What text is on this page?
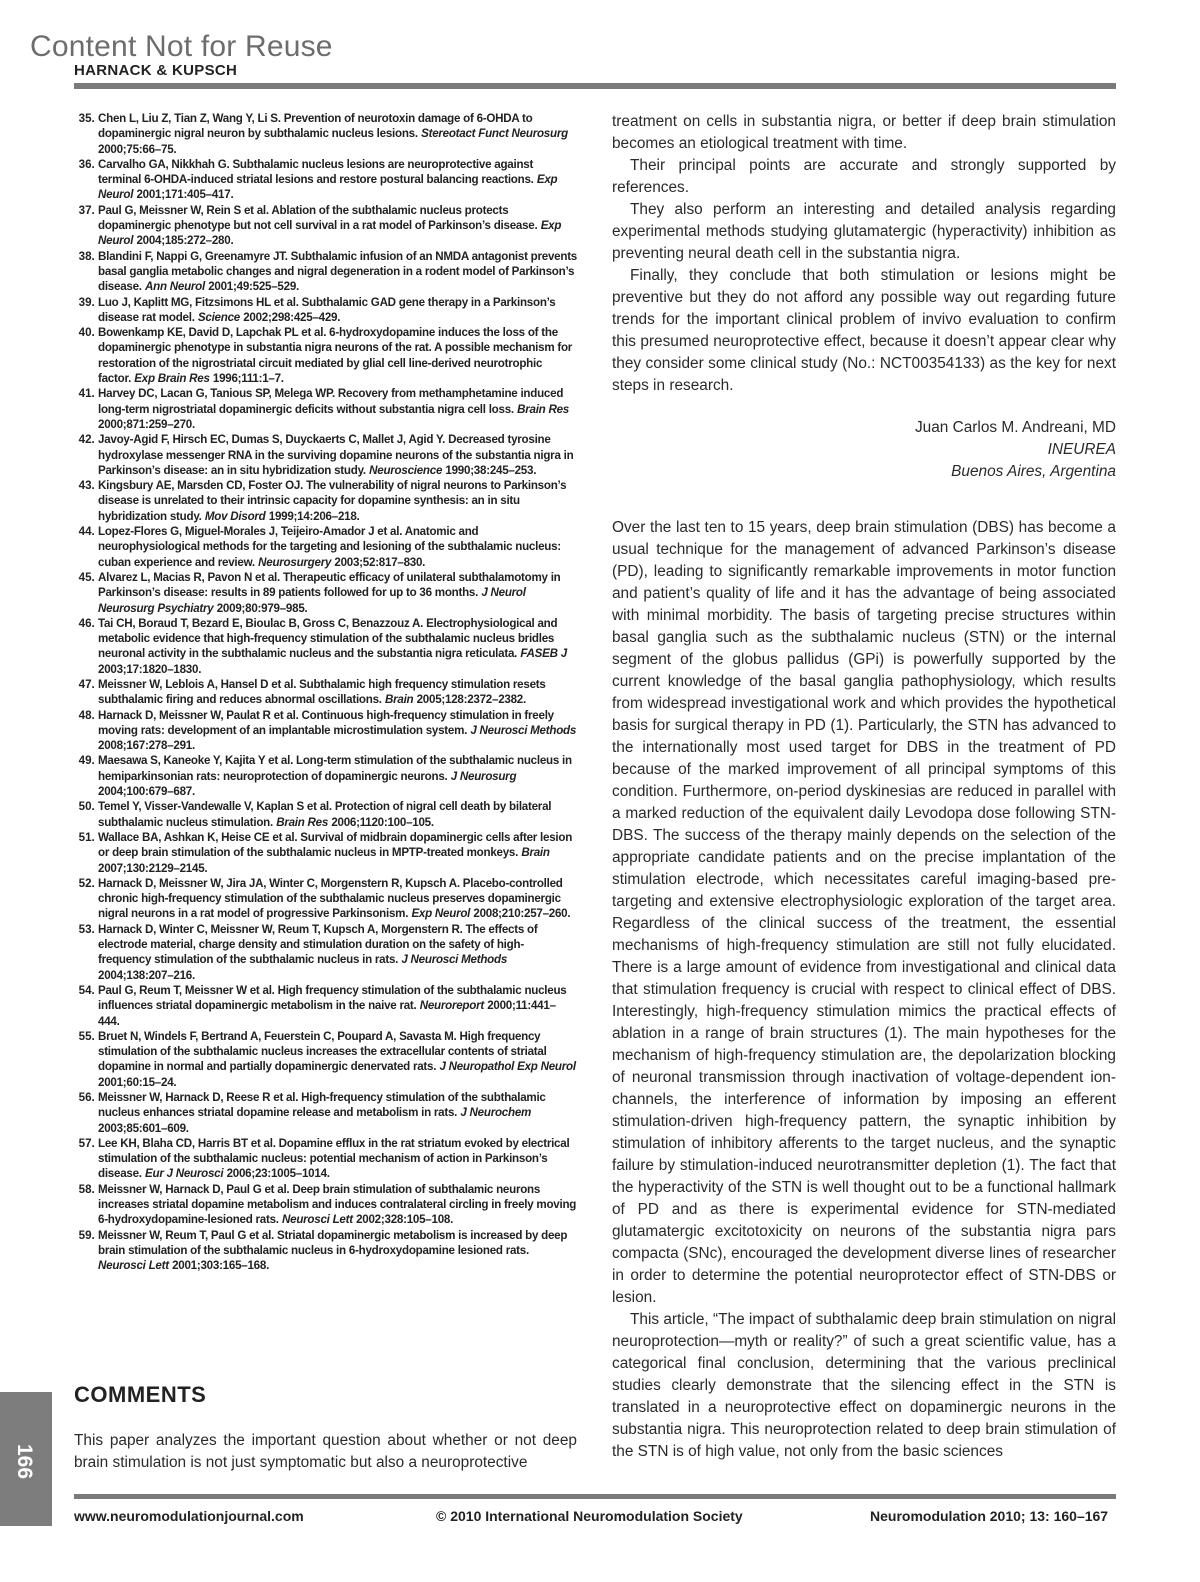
Content Not for Reuse
HARNACK & KUPSCH
35. Chen L, Liu Z, Tian Z, Wang Y, Li S. Prevention of neurotoxin damage of 6-OHDA to dopaminergic nigral neuron by subthalamic nucleus lesions. Stereotact Funct Neurosurg 2000;75:66–75.
36. Carvalho GA, Nikkhah G. Subthalamic nucleus lesions are neuroprotective against terminal 6-OHDA-induced striatal lesions and restore postural balancing reactions. Exp Neurol 2001;171:405–417.
37. Paul G, Meissner W, Rein S et al. Ablation of the subthalamic nucleus protects dopaminergic phenotype but not cell survival in a rat model of Parkinson’s disease. Exp Neurol 2004;185:272–280.
38. Blandini F, Nappi G, Greenamyre JT. Subthalamic infusion of an NMDA antagonist prevents basal ganglia metabolic changes and nigral degeneration in a rodent model of Parkinson’s disease. Ann Neurol 2001;49:525–529.
39. Luo J, Kaplitt MG, Fitzsimons HL et al. Subthalamic GAD gene therapy in a Parkinson’s disease rat model. Science 2002;298:425–429.
40. Bowenkamp KE, David D, Lapchak PL et al. 6-hydroxydopamine induces the loss of the dopaminergic phenotype in substantia nigra neurons of the rat. A possible mechanism for restoration of the nigrostriatal circuit mediated by glial cell line-derived neurotrophic factor. Exp Brain Res 1996;111:1–7.
41. Harvey DC, Lacan G, Tanious SP, Melega WP. Recovery from methamphetamine induced long-term nigrostriatal dopaminergic deficits without substantia nigra cell loss. Brain Res 2000;871:259–270.
42. Javoy-Agid F, Hirsch EC, Dumas S, Duyckaerts C, Mallet J, Agid Y. Decreased tyrosine hydroxylase messenger RNA in the surviving dopamine neurons of the substantia nigra in Parkinson’s disease: an in situ hybridization study. Neuroscience 1990;38:245–253.
43. Kingsbury AE, Marsden CD, Foster OJ. The vulnerability of nigral neurons to Parkinson’s disease is unrelated to their intrinsic capacity for dopamine synthesis: an in situ hybridization study. Mov Disord 1999;14:206–218.
44. Lopez-Flores G, Miguel-Morales J, Teijeiro-Amador J et al. Anatomic and neurophysiological methods for the targeting and lesioning of the subthalamic nucleus: cuban experience and review. Neurosurgery 2003;52:817–830.
45. Alvarez L, Macias R, Pavon N et al. Therapeutic efficacy of unilateral subthalamotomy in Parkinson’s disease: results in 89 patients followed for up to 36 months. J Neurol Neurosurg Psychiatry 2009;80:979–985.
46. Tai CH, Boraud T, Bezard E, Bioulac B, Gross C, Benazzouz A. Electrophysiological and metabolic evidence that high-frequency stimulation of the subthalamic nucleus bridles neuronal activity in the subthalamic nucleus and the substantia nigra reticulata. FASEB J 2003;17:1820–1830.
47. Meissner W, Leblois A, Hansel D et al. Subthalamic high frequency stimulation resets subthalamic firing and reduces abnormal oscillations. Brain 2005;128:2372–2382.
48. Harnack D, Meissner W, Paulat R et al. Continuous high-frequency stimulation in freely moving rats: development of an implantable microstimulation system. J Neurosci Methods 2008;167:278–291.
49. Maesawa S, Kaneoke Y, Kajita Y et al. Long-term stimulation of the subthalamic nucleus in hemiparkinsonian rats: neuroprotection of dopaminergic neurons. J Neurosurg 2004;100:679–687.
50. Temel Y, Visser-Vandewalle V, Kaplan S et al. Protection of nigral cell death by bilateral subthalamic nucleus stimulation. Brain Res 2006;1120:100–105.
51. Wallace BA, Ashkan K, Heise CE et al. Survival of midbrain dopaminergic cells after lesion or deep brain stimulation of the subthalamic nucleus in MPTP-treated monkeys. Brain 2007;130:2129–2145.
52. Harnack D, Meissner W, Jira JA, Winter C, Morgenstern R, Kupsch A. Placebo-controlled chronic high-frequency stimulation of the subthalamic nucleus preserves dopaminergic nigral neurons in a rat model of progressive Parkinsonism. Exp Neurol 2008;210:257–260.
53. Harnack D, Winter C, Meissner W, Reum T, Kupsch A, Morgenstern R. The effects of electrode material, charge density and stimulation duration on the safety of high-frequency stimulation of the subthalamic nucleus in rats. J Neurosci Methods 2004;138:207–216.
54. Paul G, Reum T, Meissner W et al. High frequency stimulation of the subthalamic nucleus influences striatal dopaminergic metabolism in the naive rat. Neuroreport 2000;11:441–444.
55. Bruet N, Windels F, Bertrand A, Feuerstein C, Poupard A, Savasta M. High frequency stimulation of the subthalamic nucleus increases the extracellular contents of striatal dopamine in normal and partially dopaminergic denervated rats. J Neuropathol Exp Neurol 2001;60:15–24.
56. Meissner W, Harnack D, Reese R et al. High-frequency stimulation of the subthalamic nucleus enhances striatal dopamine release and metabolism in rats. J Neurochem 2003;85:601–609.
57. Lee KH, Blaha CD, Harris BT et al. Dopamine efflux in the rat striatum evoked by electrical stimulation of the subthalamic nucleus: potential mechanism of action in Parkinson’s disease. Eur J Neurosci 2006;23:1005–1014.
58. Meissner W, Harnack D, Paul G et al. Deep brain stimulation of subthalamic neurons increases striatal dopamine metabolism and induces contralateral circling in freely moving 6-hydroxydopamine-lesioned rats. Neurosci Lett 2002;328:105–108.
59. Meissner W, Reum T, Paul G et al. Striatal dopaminergic metabolism is increased by deep brain stimulation of the subthalamic nucleus in 6-hydroxydopamine lesioned rats. Neurosci Lett 2001;303:165–168.
COMMENTS

This paper analyzes the important question about whether or not deep brain stimulation is not just symptomatic but also a neuroprotective

treatment on cells in substantia nigra, or better if deep brain stimulation becomes an etiological treatment with time.

Their principal points are accurate and strongly supported by references.

They also perform an interesting and detailed analysis regarding experimental methods studying glutamatergic (hyperactivity) inhibition as preventing neural death cell in the substantia nigra.

Finally, they conclude that both stimulation or lesions might be preventive but they do not afford any possible way out regarding future trends for the important clinical problem of invivo evaluation to confirm this presumed neuroprotective effect, because it doesn’t appear clear why they consider some clinical study (No.: NCT00354133) as the key for next steps in research.

Juan Carlos M. Andreani, MD
INEUREA
Buenos Aires, Argentina

Over the last ten to 15 years, deep brain stimulation (DBS) has become a usual technique for the management of advanced Parkinson’s disease (PD), leading to significantly remarkable improvements in motor function and patient’s quality of life and it has the advantage of being associated with minimal morbidity. The basis of targeting precise structures within basal ganglia such as the subthalamic nucleus (STN) or the internal segment of the globus pallidus (GPi) is powerfully supported by the current knowledge of the basal ganglia pathophysiology, which results from widespread investigational work and which provides the hypothetical basis for surgical therapy in PD (1). Particularly, the STN has advanced to the internationally most used target for DBS in the treatment of PD because of the marked improvement of all principal symptoms of this condition. Furthermore, on-period dyskinesias are reduced in parallel with a marked reduction of the equivalent daily Levodopa dose following STN-DBS. The success of the therapy mainly depends on the selection of the appropriate candidate patients and on the precise implantation of the stimulation electrode, which necessitates careful imaging-based pre-targeting and extensive electrophysiologic exploration of the target area. Regardless of the clinical success of the treatment, the essential mechanisms of high-frequency stimulation are still not fully elucidated. There is a large amount of evidence from investigational and clinical data that stimulation frequency is crucial with respect to clinical effect of DBS. Interestingly, high-frequency stimulation mimics the practical effects of ablation in a range of brain structures (1). The main hypotheses for the mechanism of high-frequency stimulation are, the depolarization blocking of neuronal transmission through inactivation of voltage-dependent ion-channels, the interference of information by imposing an efferent stimulation-driven high-frequency pattern, the synaptic inhibition by stimulation of inhibitory afferents to the target nucleus, and the synaptic failure by stimulation-induced neurotransmitter depletion (1). The fact that the hyperactivity of the STN is well thought out to be a functional hallmark of PD and as there is experimental evidence for STN-mediated glutamatergic excitotoxicity on neurons of the substantia nigra pars compacta (SNc), encouraged the development diverse lines of researcher in order to determine the potential neuroprotector effect of STN-DBS or lesion.

This article, “The impact of subthalamic deep brain stimulation on nigral neuroprotection—myth or reality?” of such a great scientific value, has a categorical final conclusion, determining that the various preclinical studies clearly demonstrate that the silencing effect in the STN is translated in a neuroprotective effect on dopaminergic neurons in the substantia nigra. This neuroprotection related to deep brain stimulation of the STN is of high value, not only from the basic sciences

166
www.neuromodulationjournal.com	© 2010 International Neuromodulation Society	Neuromodulation 2010; 13: 160–167
